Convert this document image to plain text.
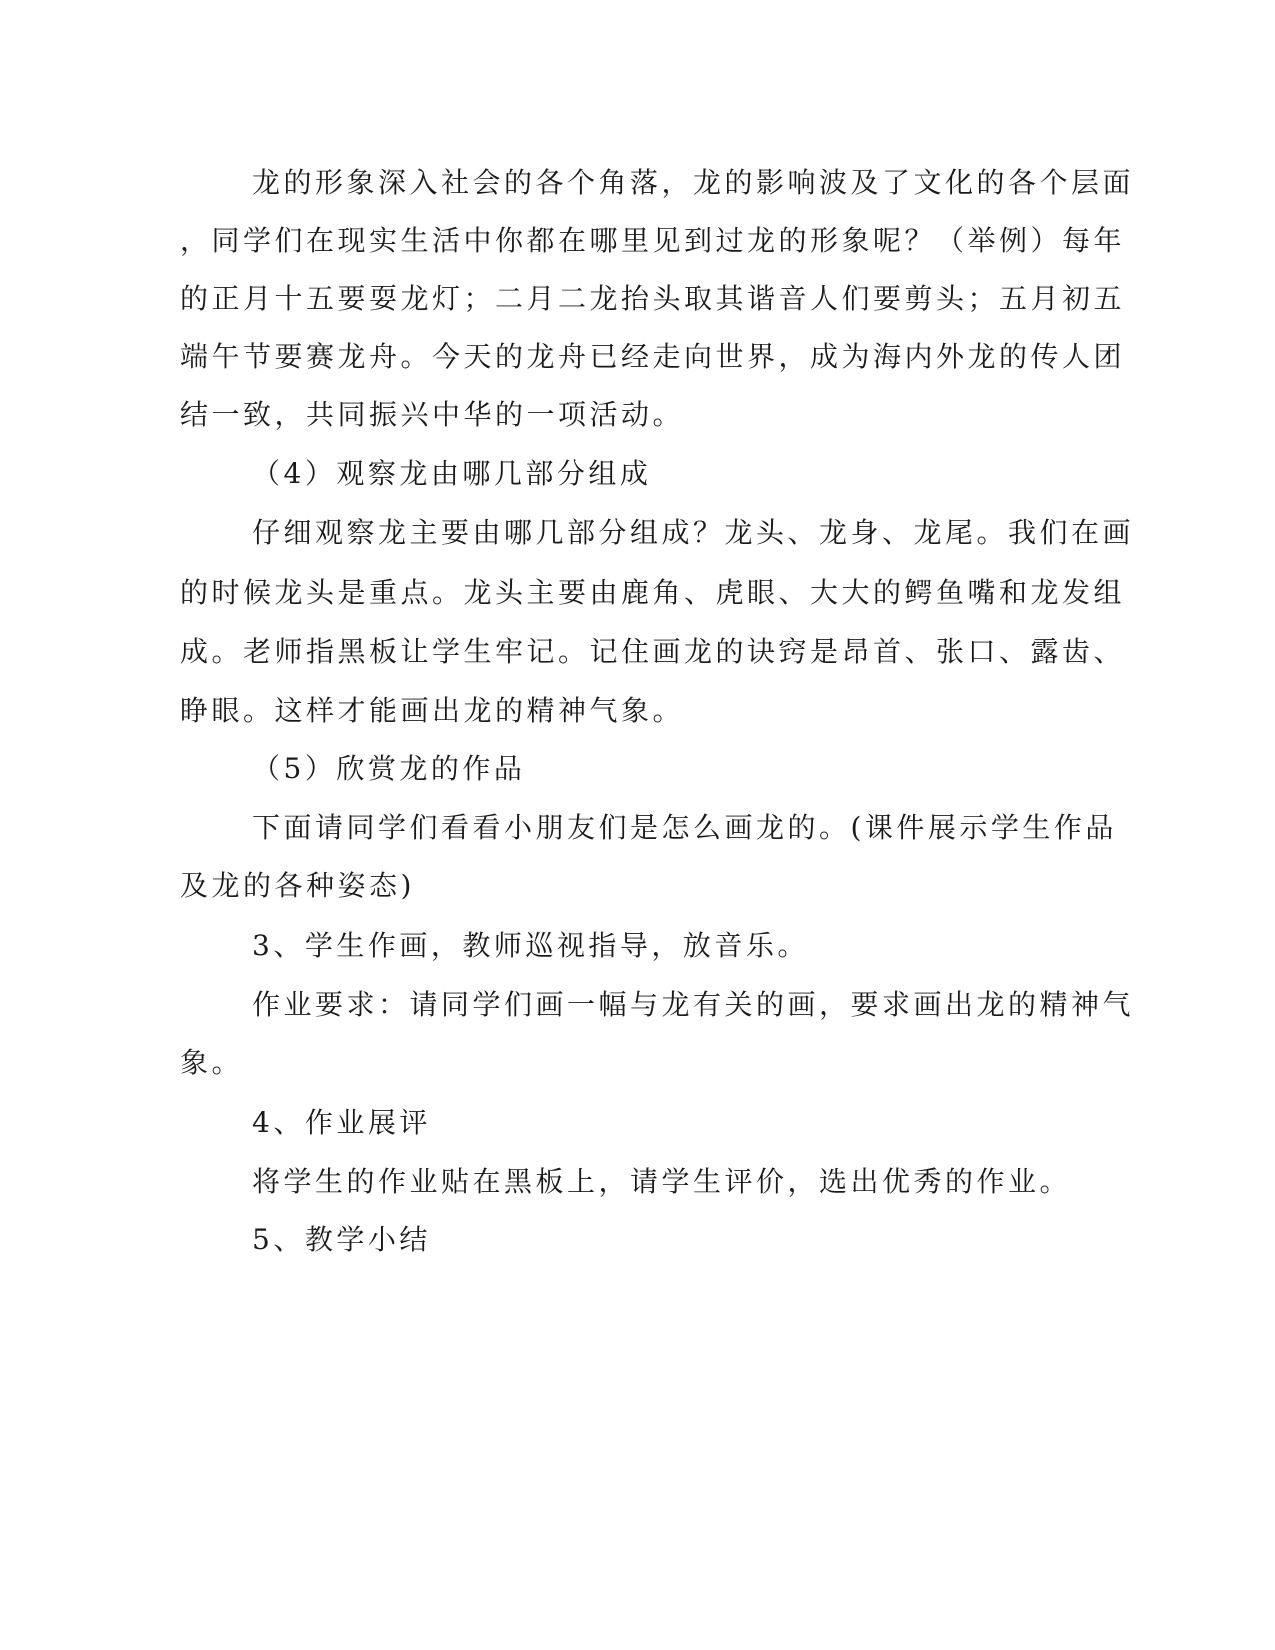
龙的形象深入社会的各个角落，龙的影响波及了文化的各个层面
，同学们在现实生活中你都在哪里见到过龙的形象呢？（举例）每年
的正月十五要耍龙灯；二月二龙抬头取其谐音人们要剪头；五月初五
端午节要赛龙舟。今天的龙舟已经走向世界，成为海内外龙的传人团
结一致，共同振兴中华的一项活动。
（4）观察龙由哪几部分组成
仔细观察龙主要由哪几部分组成？龙头、龙身、龙尾。我们在画
的时候龙头是重点。龙头主要由鹿角、虎眼、大大的鳄鱼嘴和龙发组
成。老师指黑板让学生牢记。记住画龙的诀窍是昂首、张口、露齿、
睁眼。这样才能画出龙的精神气象。
（5）欣赏龙的作品
下面请同学们看看小朋友们是怎么画龙的。(课件展示学生作品
及龙的各种姿态)
3、学生作画，教师巡视指导，放音乐。
作业要求：请同学们画一幅与龙有关的画，要求画出龙的精神气
象。
4、作业展评
将学生的作业贴在黑板上，请学生评价，选出优秀的作业。
5、教学小结
